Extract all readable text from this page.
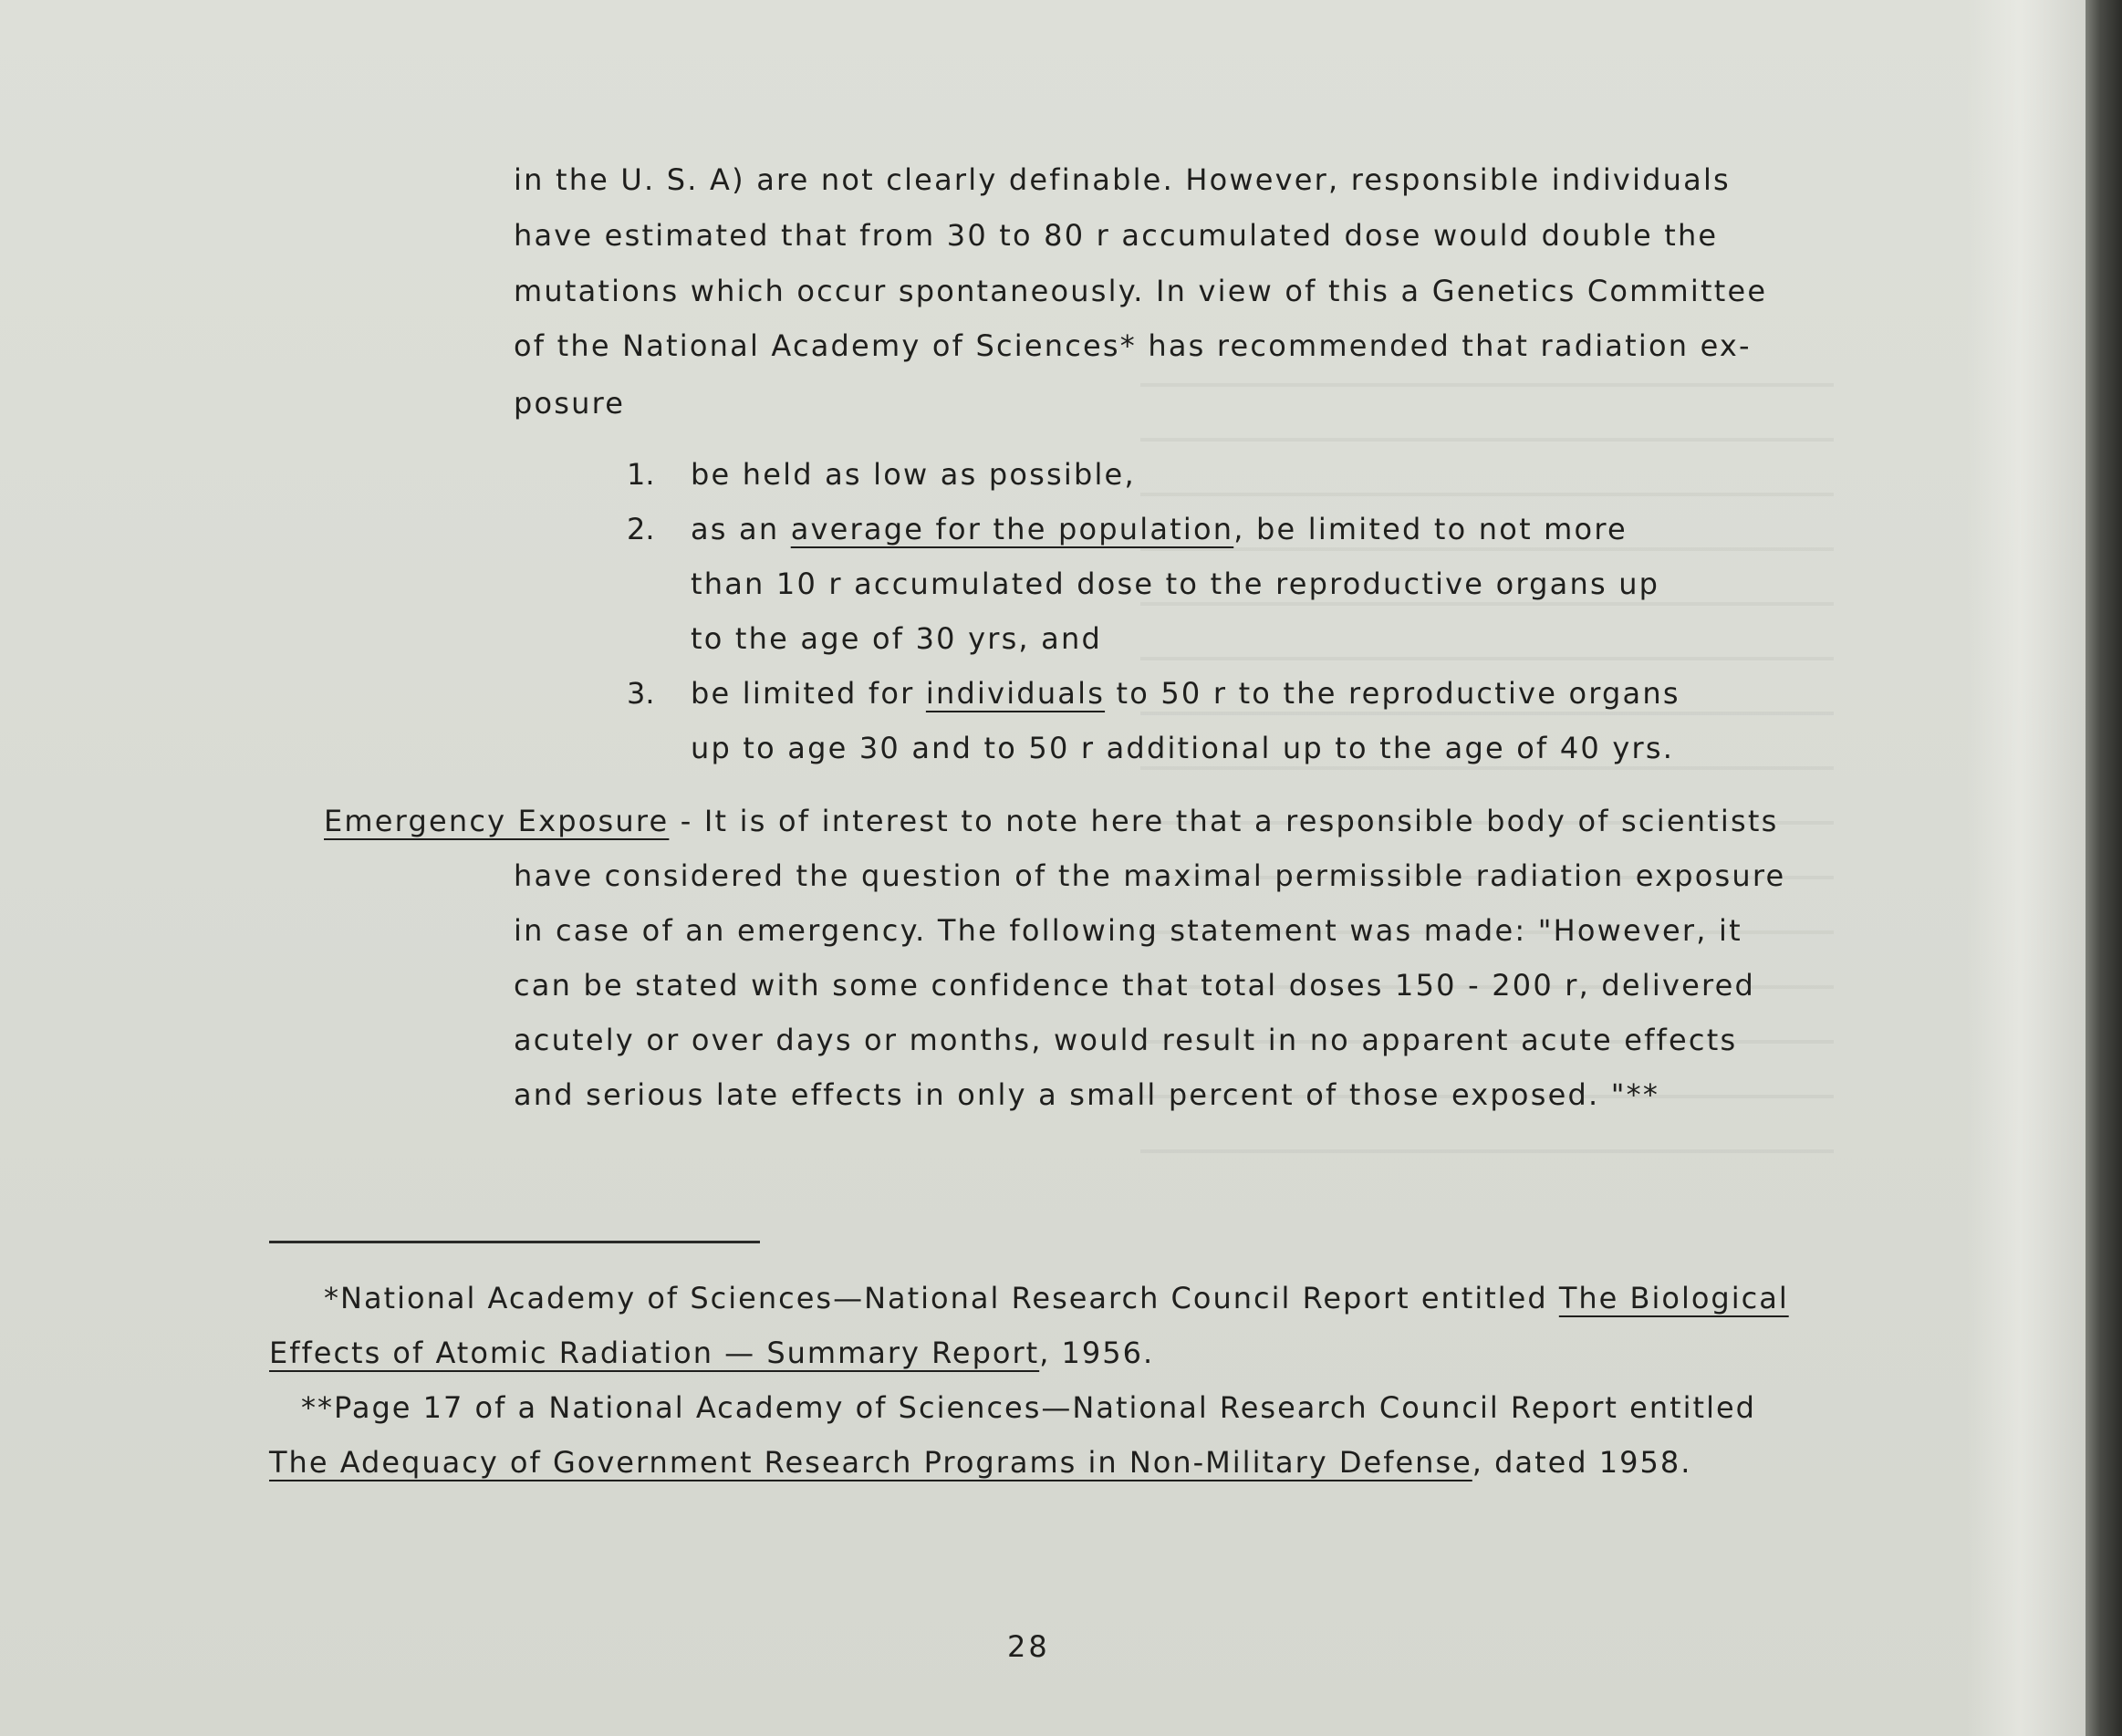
in the U. S. A) are not clearly definable. However, responsible individuals
have estimated that from 30 to 80 r accumulated dose would double the
mutations which occur spontaneously. In view of this a Genetics Committee
of the National Academy of Sciences* has recommended that radiation ex-
posure
1. be held as low as possible,
2. as an average for the population, be limited to not more
than 10 r accumulated dose to the reproductive organs up
to the age of 30 yrs, and
3. be limited for individuals to 50 r to the reproductive organs
up to age 30 and to 50 r additional up to the age of 40 yrs.
Emergency Exposure - It is of interest to note here that a responsible body of scientists
have considered the question of the maximal permissible radiation exposure
in case of an emergency. The following statement was made: "However, it
can be stated with some confidence that total doses 150 - 200 r, delivered
acutely or over days or months, would result in no apparent acute effects
and serious late effects in only a small percent of those exposed. "**
*National Academy of Sciences—National Research Council Report entitled The Biological
Effects of Atomic Radiation — Summary Report, 1956.
**Page 17 of a National Academy of Sciences—National Research Council Report entitled
The Adequacy of Government Research Programs in Non-Military Defense, dated 1958.
28
